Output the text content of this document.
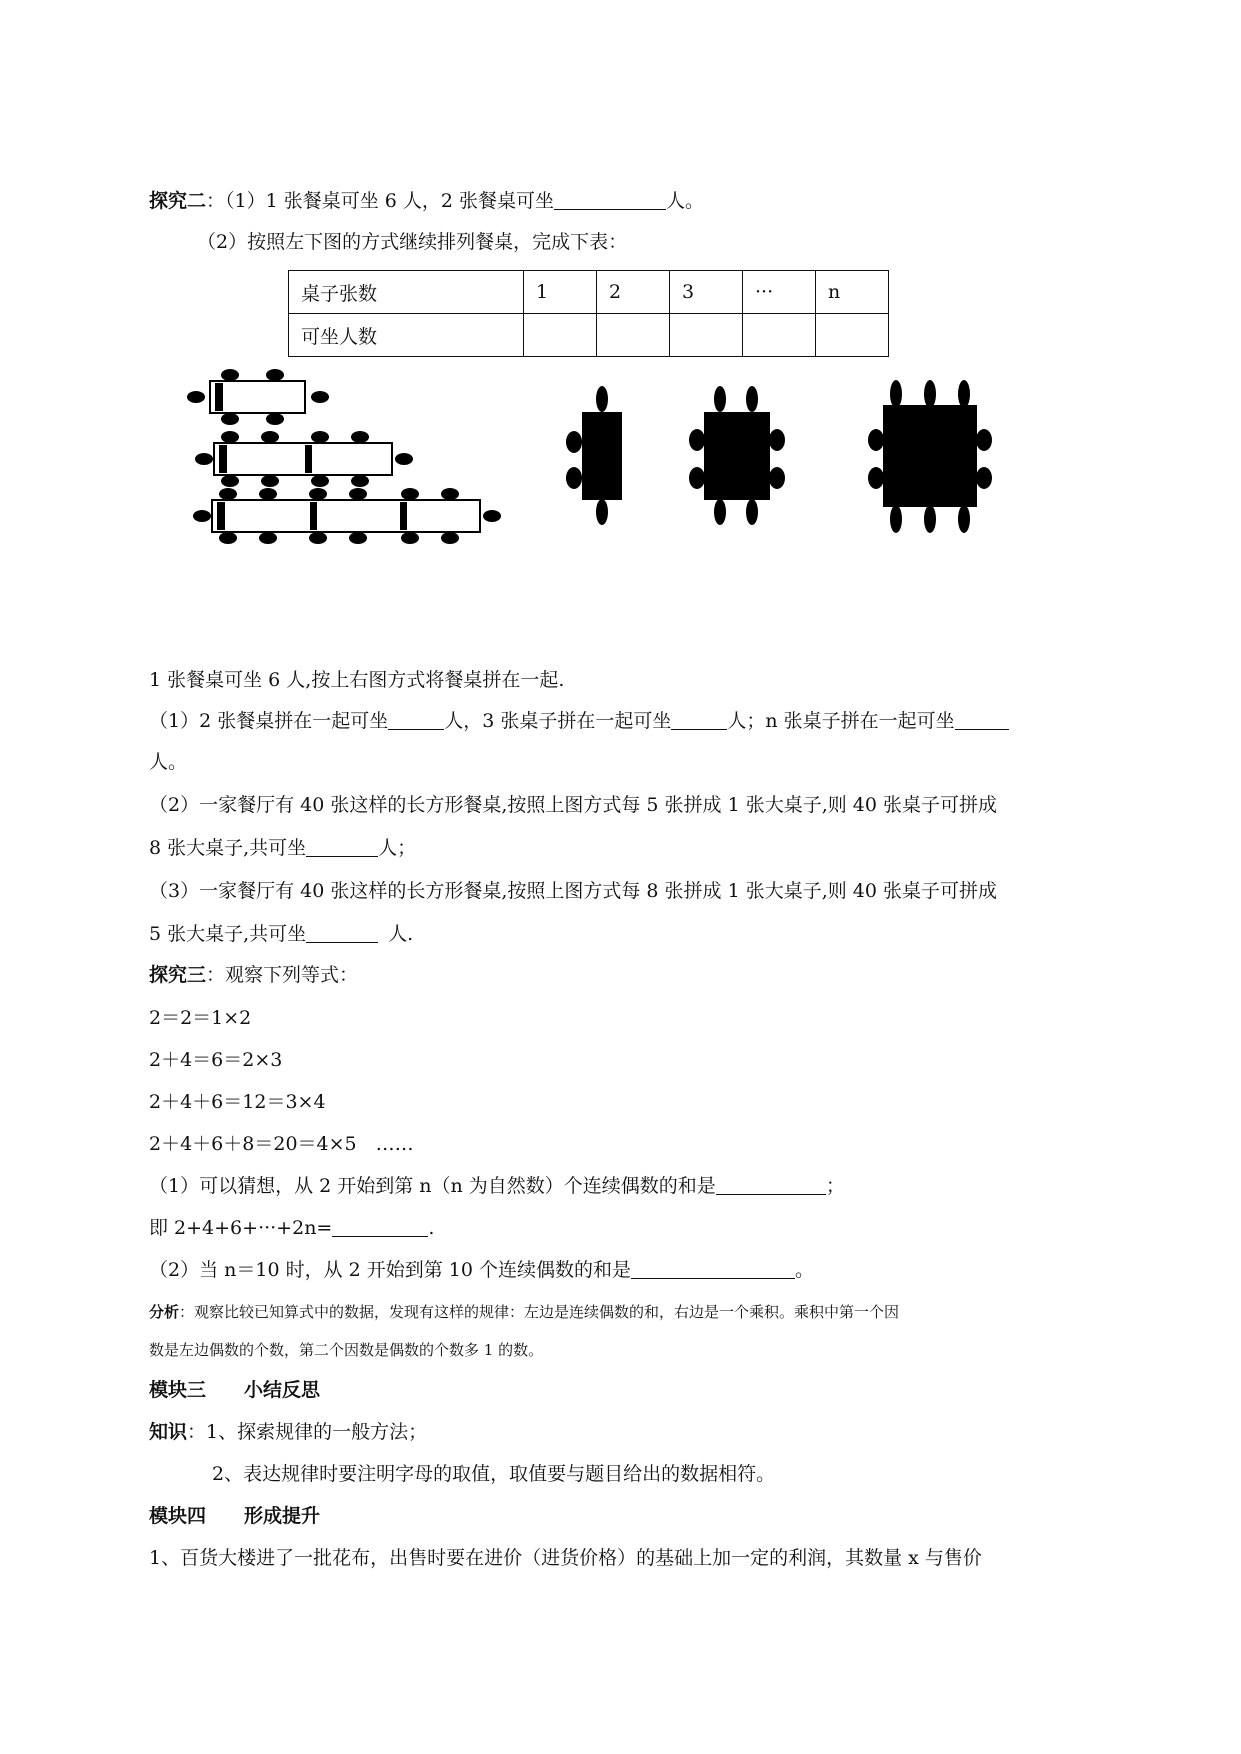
探究二：（1）1 张餐桌可坐 6 人，2 张餐桌可坐	人。
（2）按照左下图的方式继续排列餐桌，完成下表：
桌子张数	1	2	3	···	n
可坐人数					
1 张餐桌可坐 6 人,按上右图方式将餐桌拼在一起.
（1）2 张餐桌拼在一起可坐	人，3 张桌子拼在一起可坐	人；n 张桌子拼在一起可坐
人。
（2）一家餐厅有 40 张这样的长方形餐桌,按照上图方式每 5 张拼成 1 张大桌子,则 40 张桌子可拼成
8 张大桌子,共可坐	人；
（3）一家餐厅有 40 张这样的长方形餐桌,按照上图方式每 8 张拼成 1 张大桌子,则 40 张桌子可拼成
5 张大桌子,共可坐	人.
探究三：观察下列等式：
2＝2＝1×2
2＋4＝6＝2×3
2＋4＋6＝12＝3×4
2＋4＋6＋8＝20＝4×5　……
（1）可以猜想，从 2 开始到第 n（n 为自然数）个连续偶数的和是	；
即 2+4+6+···+2n=	.
（2）当 n＝10 时，从 2 开始到第 10 个连续偶数的和是	。
分析：观察比较已知算式中的数据，发现有这样的规律：左边是连续偶数的和，右边是一个乘积。乘积中第一个因
数是左边偶数的个数，第二个因数是偶数的个数多 1 的数。
模块三　　小结反思
知识：1、探索规律的一般方法；
2、表达规律时要注明字母的取值，取值要与题目给出的数据相符。
模块四　　形成提升
1、百货大楼进了一批花布，出售时要在进价（进货价格）的基础上加一定的利润，其数量 x 与售价
